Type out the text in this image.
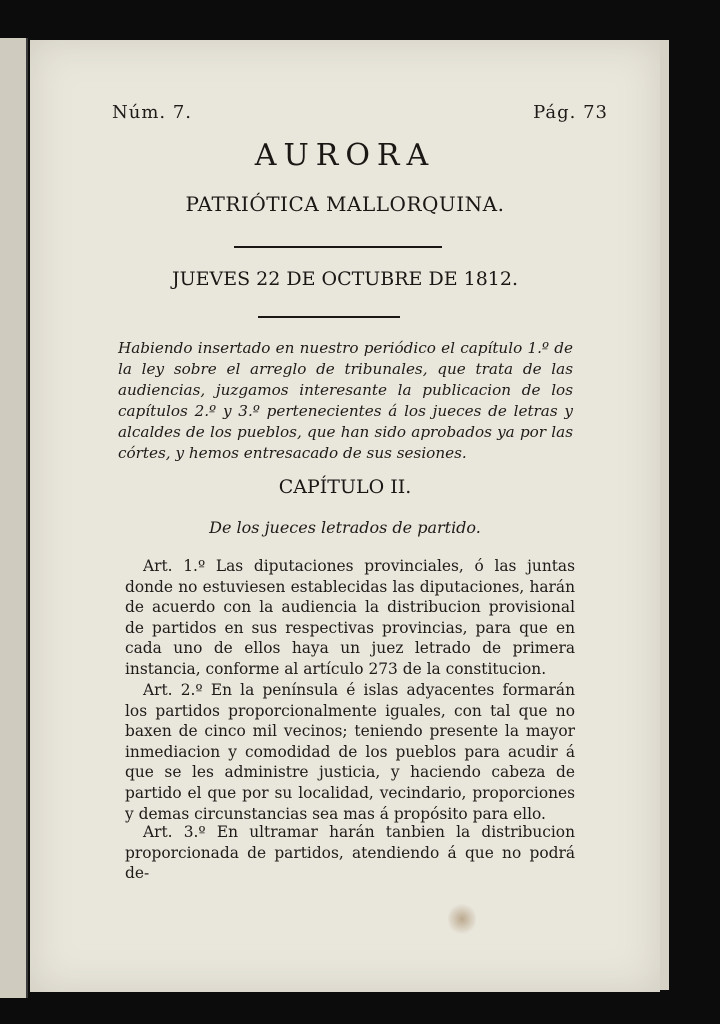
Núm. 7.	Pág. 73
AURORA
PATRIÓTICA MALLORQUINA.
JUEVES 22 DE OCTUBRE DE 1812.
Habiendo insertado en nuestro periódico el capítulo 1.º de la ley sobre el arreglo de tribunales, que trata de las audiencias, juzgamos interesante la publicacion de los capítulos 2.º y 3.º pertenecientes á los jueces de letras y alcaldes de los pueblos, que han sido aprobados ya por las córtes, y hemos entresacado de sus sesiones.
CAPÍTULO II.
De los jueces letrados de partido.

Art. 1.º Las diputaciones provinciales, ó las juntas donde no estuviesen establecidas las diputaciones, harán de acuerdo con la audiencia la distribucion provisional de partidos en sus respectivas provincias, para que en cada uno de ellos haya un juez letrado de primera instancia, conforme al artículo 273 de la constitucion.

Art. 2.º En la península é islas adyacentes formarán los partidos proporcionalmente iguales, con tal que no baxen de cinco mil vecinos; teniendo presente la mayor inmediacion y comodidad de los pueblos para acudir á que se les administre justicia, y haciendo cabeza de partido el que por su localidad, vecindario, proporciones y demas circunstancias sea mas á propósito para ello.

Art. 3.º En ultramar harán tanbien la distribucion proporcionada de partidos, atendiendo á que no podrá de-
